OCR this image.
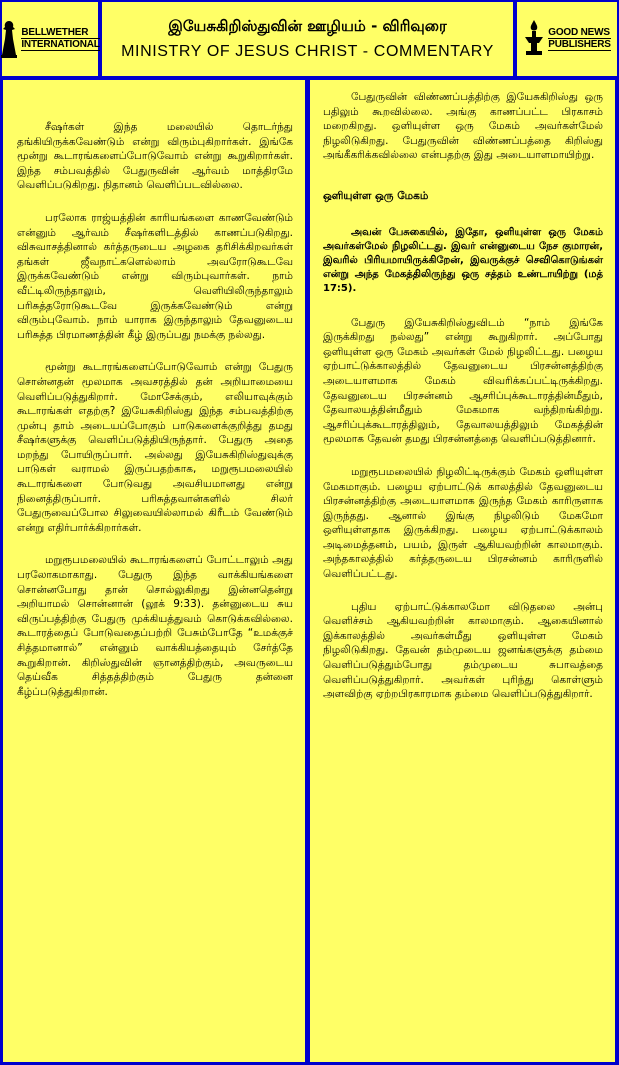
BELLWETHER
INTERNATIONAL
இயேசுகிறிஸ்துவின் ஊழியம் - விரிவுரை
MINISTRY OF JESUS CHRIST - COMMENTARY
GOOD NEWS
PUBLISHERS

சீஷர்கள் இந்த மலையில் தொடர்ந்து தங்கியிருக்கவேண்டும் என்று விரும்புகிறார்கள். இங்கே மூன்று கூடாரங்களைப்போடுவோம் என்று கூறுகிறார்கள். இந்த சம்பவத்தில் பேதுருவின் ஆர்வம் மாத்திரமே வெளிப்படுகிறது. நிதானம் வெளிப்படவில்லை.

பரலோக ராஜ்யத்தின் காரியங்களை காணவேண்டும் என்னும் ஆர்வம் சீஷர்களிடத்தில் காணப்படுகிறது. விசுவாசத்தினால் கர்த்தருடைய அழகை தரிசிக்கிறவர்கள் தங்கள் ஜீவநாட்களெல்லாம் அவரோடுகூடவே இருக்கவேண்டும் என்று விரும்புவார்கள். நாம் வீட்டிலிருந்தாலும், வெளியிலிருந்தாலும் பரிசுத்தரோடுகூடவே இருக்கவேண்டும் என்று விரும்புவோம். நாம் யாராக இருந்தாலும் தேவனுடைய பரிசுத்த பிரமாணத்தின் கீழ் இருப்பது நமக்கு நல்லது.

மூன்று கூடாரங்களைப்போடுவோம் என்று பேதுரு சொன்னதன் மூலமாக அவசரத்தில் தன் அறியாமையை வெளிப்படுத்துகிறார். மோசேக்கும், எலியாவுக்கும் கூடாரங்கள் எதற்கு? இயேசுகிறிஸ்து இந்த சம்பவத்திற்கு முன்பு தாம் அடையப்போகும் பாடுகளைக்குறித்து தமது சீஷர்களுக்கு வெளிப்படுத்தியிருந்தார். பேதுரு அதை மறந்து போயிருப்பார். அல்லது இயேசுகிறிஸ்துவுக்கு பாடுகள் வராமல் இருப்பதற்காக, மறுரூபமலையில் கூடாரங்களை போடுவது அவசியமானது என்று நினைத்திருப்பார். பரிசுத்தவான்களில் சிலர் பேதுருவைப்போல சிலுவையில்லாமல் கிரீடம் வேண்டும் என்று எதிர்பார்க்கிறார்கள்.

மறுரூபமலையில் கூடாரங்களைப் போட்டாலும் அது பரலோகமாகாது. பேதுரு இந்த வாக்கியங்களை சொன்னபோது தான் சொல்லுகிறது இன்னதென்று அறியாமல் சொன்னான் (லூக் 9:33). தன்னுடைய சுய விருப்பத்திற்கு பேதுரு முக்கியத்துவம் கொடுக்கவில்லை. கூடாரத்தைப் போடுவதைப்பற்றி பேசும்போதே “உமக்குச் சித்தமானால்” என்னும் வாக்கியத்தையும் சேர்த்தே கூறுகிறான். கிறிஸ்துவின் ஞானத்திற்கும், அவருடைய தெய்வீக சித்தத்திற்கும் பேதுரு தன்னை கீழ்ப்படுத்துகிறான்.

பேதுருவின் விண்ணப்பத்திற்கு இயேசுகிறிஸ்து ஒரு பதிலும் கூறவில்லை. அங்கு காணப்பட்ட பிரகாசம் மறைகிறது. ஒளியுள்ள ஒரு மேகம் அவர்கள்மேல் நிழலிடுகிறது. பேதுருவின் விண்ணப்பத்தை கிறிஸ்து அங்கீகரிக்கவில்லை என்பதற்கு இது அடையாளமாயிற்று.

ஒளியுள்ள ஒரு மேகம்

அவன் பேசுகையில், இதோ, ஒளியுள்ள ஒரு மேகம் அவர்கள்மேல் நிழலிட்டது. இவர் என்னுடைய நேச குமாரன், இவரில் பிரியமாயிருக்கிறேன், இவருக்குச் செவிகொடுங்கள் என்று அந்த மேகத்திலிருந்து ஒரு சத்தம் உண்டாயிற்று (மத் 17:5).

பேதுரு இயேசுகிறிஸ்துவிடம் “நாம் இங்கே இருக்கிறது நல்லது” என்று கூறுகிறார். அப்போது ஒளியுள்ள ஒரு மேகம் அவர்கள் மேல் நிழலிட்டது. பழைய ஏற்பாட்டுக்காலத்தில் தேவனுடைய பிரசன்னத்திற்கு அடையாளமாக மேகம் விவரிக்கப்பட்டிருக்கிறது. தேவனுடைய பிரசன்னம் ஆசரிப்புக்கூடாரத்தின்மீதும், தேவாலயத்தின்மீதும் மேகமாக வந்திறங்கிற்று. ஆசரிப்புக்கூடாரத்திலும், தேவாலயத்திலும் மேகத்தின் மூலமாக தேவன் தமது பிரசன்னத்தை வெளிப்படுத்தினார்.

மறுரூபமலையில் நிழலிட்டிருக்கும் மேகம் ஒளியுள்ள மேகமாகும். பழைய ஏற்பாட்டுக் காலத்தில் தேவனுடைய பிரசன்னத்திற்கு அடையாளமாக இருந்த மேகம் காரிருளாக இருந்தது. ஆனால் இங்கு நிழலிடும் மேகமோ ஒளியுள்ளதாக இருக்கிறது. பழைய ஏற்பாட்டுக்காலம் அடிமைத்தனம், பயம், இருள் ஆகியவற்றின் காலமாகும். அந்தகாலத்தில் கர்த்தருடைய பிரசன்னம் காரிருளில் வெளிப்பட்டது.

புதிய ஏற்பாட்டுக்காலமோ விடுதலை அன்பு வெளிச்சம் ஆகியவற்றின் காலமாகும். ஆகையினால் இக்காலத்தில் அவர்கள்மீது ஒளியுள்ள மேகம் நிழலிடுகிறது. தேவன் தம்முடைய ஜனங்களுக்கு தம்மை வெளிப்படுத்தும்போது தம்முடைய சுபாவத்தை வெளிப்படுத்துகிறார். அவர்கள் புரிந்து கொள்ளும் அளவிற்கு ஏற்றபிரகாரமாக தம்மை வெளிப்படுத்துகிறார்.
